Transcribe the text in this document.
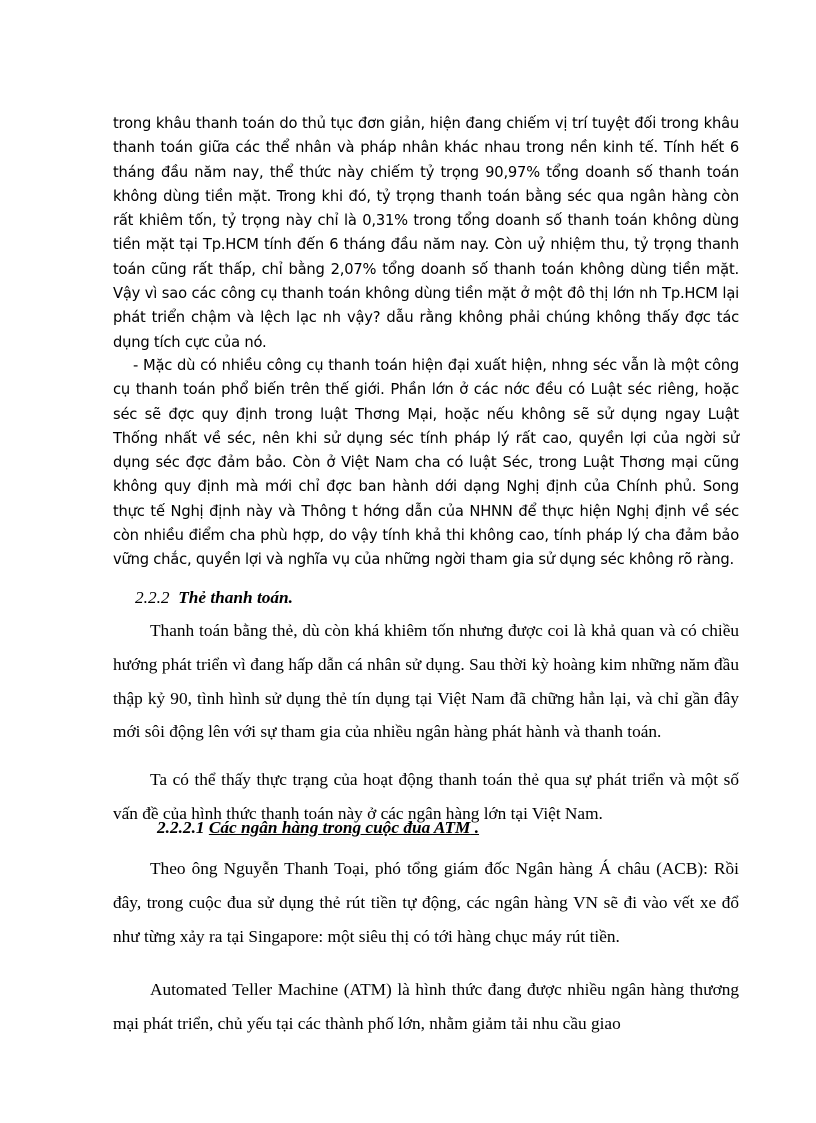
trong khâu thanh toán do thủ tục đơn giản, hiện đang chiếm vị trí tuyệt đối trong khâu thanh toán giữa các thể nhân và pháp nhân khác nhau trong nền kinh tế. Tính hết 6 tháng đầu năm nay, thể thức này chiếm tỷ trọng 90,97% tổng doanh số thanh toán không dùng tiền mặt. Trong khi đó, tỷ trọng thanh toán bằng séc qua ngân hàng còn rất khiêm tốn, tỷ trọng này chỉ là 0,31% trong tổng doanh số thanh toán không dùng tiền mặt tại Tp.HCM tính đến 6 tháng đầu năm nay. Còn uỷ nhiệm thu, tỷ trọng thanh toán cũng rất thấp, chỉ bằng 2,07% tổng doanh số thanh toán không dùng tiền mặt. Vậy vì sao các công cụ thanh toán không dùng tiền mặt ở một đô thị lớn nh Tp.HCM lại phát triển chậm và lệch lạc nh vậy? dẫu rằng không phải chúng không thấy đợc tác dụng tích cực của nó.

- Mặc dù có nhiều công cụ thanh toán hiện đại xuất hiện, nhng séc vẫn là một công cụ thanh toán phổ biến trên thế giới. Phần lớn ở các nớc đều có Luật séc riêng, hoặc séc sẽ đợc quy định trong luật Thơng Mại, hoặc nếu không sẽ sử dụng ngay Luật Thống nhất về séc, nên khi sử dụng séc tính pháp lý rất cao, quyền lợi của ngời sử dụng séc đợc đảm bảo. Còn ở Việt Nam cha có luật Séc, trong Luật Thơng mại cũng không quy định mà mới chỉ đợc ban hành dới dạng Nghị định của Chính phủ. Song thực tế Nghị định này và Thông t hớng dẫn của NHNN để thực hiện Nghị định về séc còn nhiều điểm cha phù hợp, do vậy tính khả thi không cao, tính pháp lý cha đảm bảo vững chắc, quyền lợi và nghĩa vụ của những ngời tham gia sử dụng séc không rõ ràng.

2.2.2 Thẻ thanh toán.

Thanh toán bằng thẻ, dù còn khá khiêm tốn nhưng được coi là khả quan và có chiều hướng phát triển vì đang hấp dẫn cá nhân sử dụng. Sau thời kỳ hoàng kim những năm đầu thập kỷ 90, tình hình sử dụng thẻ tín dụng tại Việt Nam đã chững hẳn lại, và chỉ gần đây mới sôi động lên với sự tham gia của nhiều ngân hàng phát hành và thanh toán.

Ta có thể thấy thực trạng của hoạt động thanh toán thẻ qua sự phát triển và một số vấn đề của hình thức thanh toán này ở các ngân hàng lớn tại Việt Nam.

2.2.2.1 Các ngân hàng trong cuộc đua ATM .

Theo ông Nguyễn Thanh Toại, phó tổng giám đốc Ngân hàng Á châu (ACB): Rồi đây, trong cuộc đua sử dụng thẻ rút tiền tự động, các ngân hàng VN sẽ đi vào vết xe đổ như từng xảy ra tại Singapore: một siêu thị có tới hàng chục máy rút tiền.

Automated Teller Machine (ATM) là hình thức đang được nhiều ngân hàng thương mại phát triển, chủ yếu tại các thành phố lớn, nhằm giảm tải nhu cầu giao
